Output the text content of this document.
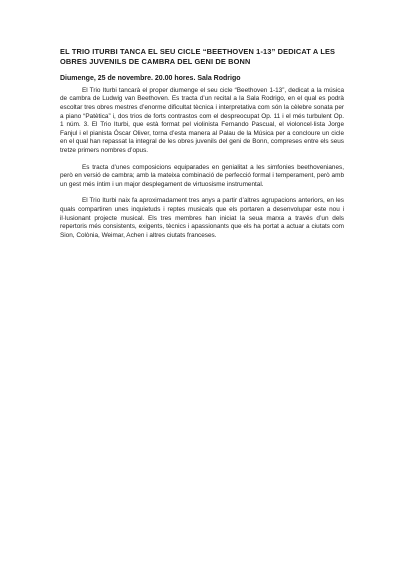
EL TRIO ITURBI TANCA EL SEU CICLE “BEETHOVEN 1-13” DEDICAT A LES OBRES JUVENILS DE CAMBRA DEL GENI DE BONN
Diumenge, 25 de novembre. 20.00 hores. Sala Rodrigo

El Trio Iturbi tancarà el proper diumenge el seu cicle “Beethoven 1-13”, dedicat a la música de cambra de Ludwig van Beethoven. Es tracta d’un recital a la Sala Rodrigo, en el qual es podrà escoltar tres obres mestres d’enorme dificultat tècnica i interpretativa com són la cèlebre sonata per a piano “Patètica” i, dos trios de forts contrastos com el despreocupat Op. 11 i el més turbulent Op. 1 núm. 3. El Trio Iturbi, que està format pel violinista Fernando Pascual, el violoncel·lista Jorge Fanjul i el pianista Óscar Oliver, torna d’esta manera al Palau de la Música per a concloure un cicle en el qual han repassat la integral de les obres juvenils del geni de Bonn, compreses entre els seus tretze primers nombres d’opus.

Es tracta d’unes composicions equiparades en genialitat a les simfonies beethovenianes, però en versió de cambra; amb la mateixa combinació de perfecció formal i temperament, però amb un gest més íntim i un major desplegament de virtuosisme instrumental.

El Trio Iturbi naix fa aproximadament tres anys a partir d’altres agrupacions anteriors, en les quals compartiren unes inquietuds i reptes musicals que els portaren a desenvolupar este nou i il·lusionant projecte musical. Els tres membres han iniciat la seua marxa a través d’un dels repertoris més consistents, exigents, tècnics i apassionants que els ha portat a actuar a ciutats com Sion, Colònia, Weimar, Achen i altres ciutats franceses.
